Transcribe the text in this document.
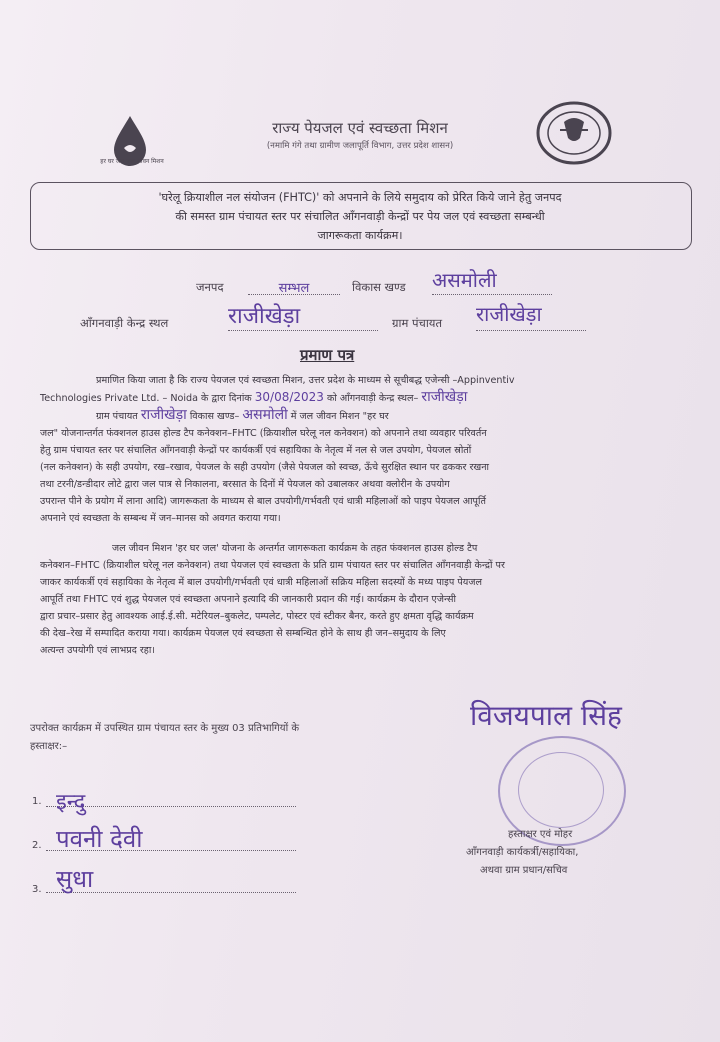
हर घर जल जल जीवन मिशन
राज्य पेयजल एवं स्वच्छता मिशन
(नमामि गंगे तथा ग्रामीण जलापूर्ति विभाग, उत्तर प्रदेश शासन)
'घरेलू क्रियाशील नल संयोजन (FHTC)' को अपनाने के लिये समुदाय को प्रेरित किये जाने हेतु जनपद
की समस्त ग्राम पंचायत स्तर पर संचालित आँगनवाड़ी केन्द्रों पर पेय जल एवं स्वच्छता सम्बन्धी
जागरूकता कार्यक्रम।
जनपद	सम्भल	विकास खण्ड असमोली
आँगनवाड़ी केन्द्र स्थल	राजीखेड़ा	ग्राम पंचायत राजीखेड़ा
प्रमाण पत्र
प्रमाणित किया जाता है कि राज्य पेयजल एवं स्वच्छता मिशन, उत्तर प्रदेश के माध्यम से सूचीबद्ध एजेन्सी –Appinventiv
Technologies Private Ltd. – Noida के द्वारा दिनांक 30/08/2023 को आँगनवाड़ी केन्द्र स्थल– राजीखेड़ा
ग्राम पंचायत राजीखेड़ा विकास खण्ड– असमोली में जल जीवन मिशन "हर घर
जल" योजनान्तर्गत फंक्शनल हाउस होल्ड टैप कनेक्शन–FHTC (क्रियाशील घरेलू नल कनेक्शन) को अपनाने तथा व्यवहार परिवर्तन
हेतु ग्राम पंचायत स्तर पर संचालित आँगनवाड़ी केन्द्रों पर कार्यकर्त्री एवं सहायिका के नेतृत्व में नल से जल उपयोग, पेयजल स्रोतों
(नल कनेक्शन) के सही उपयोग, रख–रखाव, पेयजल के सही उपयोग (जैसे पेयजल को स्वच्छ, ऊँचे सुरक्षित स्थान पर ढककर रखना
तथा टरनी/डन्डीदार लोटे द्वारा जल पात्र से निकालना, बरसात के दिनों में पेयजल को उबालकर अथवा क्लोरीन के उपयोग
उपरान्त पीने के प्रयोग में लाना आदि) जागरूकता के माध्यम से बाल उपयोगी/गर्भवती एवं धात्री महिलाओं को पाइप पेयजल आपूर्ति
अपनाने एवं स्वच्छता के सम्बन्ध में जन–मानस को अवगत कराया गया।
जल जीवन मिशन 'हर घर जल' योजना के अन्तर्गत जागरूकता कार्यक्रम के तहत फंक्शनल हाउस होल्ड टैप
कनेक्शन–FHTC (क्रियाशील घरेलू नल कनेक्शन) तथा पेयजल एवं स्वच्छता के प्रति ग्राम पंचायत स्तर पर संचालित आँगनवाड़ी केन्द्रों पर
जाकर कार्यकर्त्री एवं सहायिका के नेतृत्व में बाल उपयोगी/गर्भवती एवं धात्री महिलाओं सक्रिय महिला सदस्यों के मध्य पाइप पेयजल
आपूर्ति तथा FHTC एवं शुद्ध पेयजल एवं स्वच्छता अपनाने इत्यादि की जानकारी प्रदान की गई। कार्यक्रम के दौरान एजेन्सी
द्वारा प्रचार–प्रसार हेतु आवश्यक आई.ई.सी. मटेरियल–बुकलेट, पम्पलेट, पोस्टर एवं स्टीकर बैनर, करते हुए क्षमता वृद्धि कार्यक्रम
की देख–रेख में सम्पादित कराया गया। कार्यक्रम पेयजल एवं स्वच्छता से सम्बन्धित होने के साथ ही जन–समुदाय के लिए
अत्यन्त उपयोगी एवं लाभप्रद रहा।
उपरोक्त कार्यक्रम में उपस्थित ग्राम पंचायत स्तर के मुख्य 03 प्रतिभागियों के
हस्ताक्षर:–
1. इन्दु
2. पवनी देवी
3. सुधा
विजयपाल सिंह
हस्ताक्षर एवं मोहर
आँगनवाड़ी कार्यकर्त्री/सहायिका,
अथवा ग्राम प्रधान/सचिव
